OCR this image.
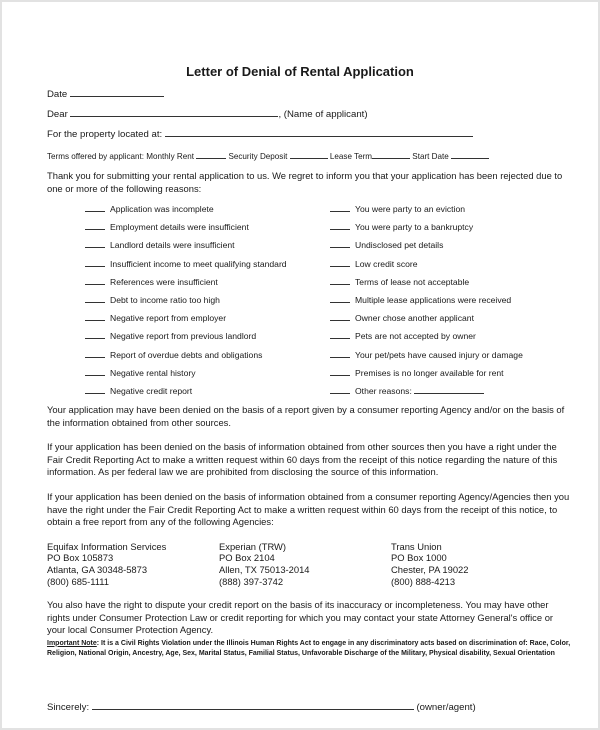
Letter of Denial of Rental Application
Date
Dear	, (Name of applicant)
For the property located at:
Terms offered by applicant: Monthly Rent	Security Deposit	Lease Term	Start Date
Thank you for submitting your rental application to us. We regret to inform you that your application has been rejected due to one or more of the following reasons:
Application was incomplete
Employment details were insufficient
Landlord details were insufficient
Insufficient income to meet qualifying standard
References were insufficient
Debt to income ratio too high
Negative report from employer
Negative report from previous landlord
Report of overdue debts and obligations
Negative rental history
Negative credit report
You were party to an eviction
You were party to a bankruptcy
Undisclosed pet details
Low credit score
Terms of lease not acceptable
Multiple lease applications were received
Owner chose another applicant
Pets are not accepted by owner
Your pet/pets have caused injury or damage
Premises is no longer available for rent
Other reasons:

Your application may have been denied on the basis of a report given by a consumer reporting Agency and/or on the basis of the information obtained from other sources.

If your application has been denied on the basis of information obtained from other sources then you have a right under the Fair Credit Reporting Act to make a written request within 60 days from the receipt of this notice regarding the nature of this information. As per federal law we are prohibited from disclosing the source of this information.

If your application has been denied on the basis of information obtained from a consumer reporting Agency/Agencies then you have the right under the Fair Credit Reporting Act to make a written request within 60 days from the receipt of this notice, to obtain a free report from any of the following Agencies:

Equifax Information Services
PO Box 105873
Atlanta, GA 30348-5873
(800) 685-1111
Experian (TRW)
PO Box 2104
Allen, TX 75013-2014
(888) 397-3742
Trans Union
PO Box 1000
Chester, PA 19022
(800) 888-4213

You also have the right to dispute your credit report on the basis of its inaccuracy or incompleteness. You may have other rights under Consumer Protection Law or credit reporting for which you may contact your state Attorney General's office or your local Consumer Protection Agency.

Important Note: It is a Civil Rights Violation under the Illinois Human Rights Act to engage in any discriminatory acts based on discrimination of: Race, Color, Religion, National Origin, Ancestry, Age, Sex, Marital Status, Familial Status, Unfavorable Discharge of the Military, Physical disability, Sexual Orientation
Sincerely:	(owner/agent)
